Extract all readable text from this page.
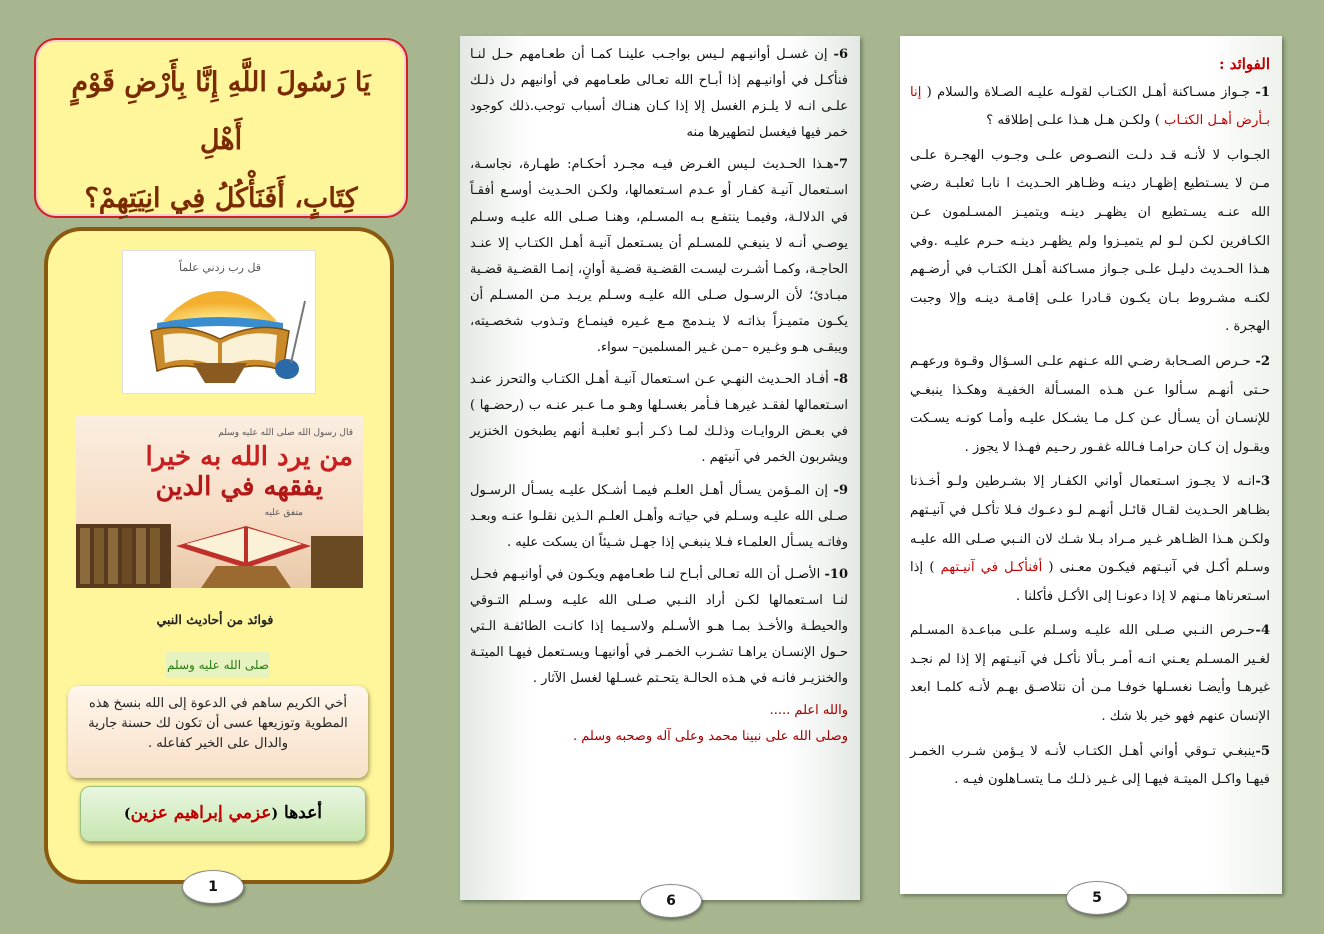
يَا رَسُولَ اللَّهِ إِنَّا بِأَرْضِ قَوْمٍ أَهْلِ
كِتَابٍ، أَفَنَأْكُلُ فِي انِيَتِهِمْ؟
قل رب زدني علماً
قال رسول الله صلى الله عليه وسلم
من يرد الله به خيرا
يفقهه في الدين
متفق عليه
فوائد من أحاديث النبي
صلى الله عليه وسلم
أخي الكريم ساهم في الدعوة إلى الله بنسخ هذه المطوية وتوزيعها عسى أن تكون لك حسنة جارية والدال على الخير كفاعله .
أعدها (عزمي إبراهيم عزين)
1

6- إن غسـل أوانيـهم لـيس بواجـب علينـا كمـا أن طعـامهم حـل لنـا فنأكـل في أوانيـهم إذا أبـاح الله تعـالى طعـامهم في أوانيهم دل ذلـك علـى انـه لا يلـزم الغسل إلا إذا كـان هنـاك أسباب توجب.ذلك كوجود خمر فيها فيغسل لتطهيرها منه

7-هـذا الحـديث لـيس الغـرض فيـه مجـرد أحكـام: طهـارة، نجاسـة، اسـتعمال آنيـة كفـار أو عـدم اسـتعمالها، ولكـن الحـديث أوسـع أفقـاً في الدلالـة، وفيمـا ينتفـع بـه المسـلم، وهنـا صـلى الله عليـه وسـلم يوصـي أنـه لا ينبغـي للمسـلم أن يسـتعمل آنيـة أهـل الكتـاب إلا عنـد الحاجـة، وكمـا أشـرت ليسـت القضـية قضـية أوانٍ، إنمـا القضـية قضـية مبـادئ؛ لأن الرسـول صـلى الله عليـه وسـلم يريـد مـن المسـلم أن يكـون متميـزاً بذاتـه لا ينـدمج مـع غـيره فينمـاع وتـذوب شخصـيته، ويبقـى هـو وغـيره –مـن غـير المسلمين– سواء.

8- أفـاد الحـديث النهـي عـن اسـتعمال آنيـة أهـل الكتـاب والتحرز عنـد اسـتعمالها لفقـد غيرهـا فـأمر بغسـلها وهـو مـا عـبر عنـه ب (رحضـها ) في بعـض الروايـات وذلـك لمـا ذكـر أبـو ثعلبـة أنهم يطبخون الخنزير ويشربون الخمر في آنيتهم .

9- إن المـؤمن يسـأل أهـل العلـم فيمـا أشـكل عليـه يسـأل الرسـول صـلى الله عليـه وسـلم في حياتـه وأهـل العلـم الـذين نقلـوا عنـه وبعـد وفاتـه يسـأل العلمـاء فـلا ينبغـي إذا جهـل شـيئاً ان يسكت عليه .

10- الأصـل أن الله تعـالى أبـاح لنـا طعـامهم ويكـون في أوانيـهم فحـل لنـا اسـتعمالها لكـن أراد النـبي صـلى الله عليـه وسـلم التـوقي والحيطـة والأخـذ بمـا هـو الأسـلم ولاسـيما إذا كانـت الطائفـة الـتي حـول الإنسـان يراهـا تشـرب الخمـر في أوانيهـا ويسـتعمل فيهـا الميتـة والخنزيـر فانـه في هـذه الحالـة يتحـتم غسـلها لغسل الآثار .

والله اعلم .....

وصلى الله على نبينا محمد وعلى آله وصحبه وسلم .

6
الفوائد :

1- جـواز مسـاكنة أهـل الكتـاب لقولـه عليـه الصـلاة والسلام ( إنا بـأرض أهـل الكتـاب ) ولكـن هـل هـذا علـى إطلاقه ؟

الجـواب لا لأنـه قـد دلـت النصـوص علـى وجـوب الهجـرة علـى مـن لا يسـتطيع إظهـار دينـه وظـاهر الحـديث ا نابـا ثعلبـة رضي الله عنـه يسـتطيع ان يظهـر دينـه ويتميـز المسـلمون عـن الكـافرين لكـن لـو لم يتميـزوا ولم يظهـر دينـه حـرم عليـه .وفي هـذا الحـديث دليـل علـى جـواز مسـاكنة أهـل الكتـاب في أرضـهم لكنـه مشـروط بـان يكـون قـادرا علـى إقامـة دينـه وإلا وجبت الهجرة .

2- حـرص الصـحابة رضـي الله عـنهم علـى السـؤال وقـوة ورعهـم حـتى أنهـم سـألوا عـن هـذه المسـألة الخفيـة وهكـذا ينبغـي للإنسـان أن يسـأل عـن كـل مـا يشـكل عليـه وأمـا كونـه يسـكت ويقـول إن كـان حرامـا فـالله غفـور رحـيم فهـذا لا يجوز .

3-انـه لا يجـوز اسـتعمال أواني الكفـار إلا بشـرطين ولـو أخـذنا بظـاهر الحـديث لقـال قائـل أنهـم لـو دعـوك فـلا تأكـل في آنيـتهم ولكـن هـذا الظـاهر غـير مـراد بـلا شـك لان النـبي صـلى الله عليـه وسـلم أكـل في آنيـتهم فيكـون معـنى ( أفنأكـل في آنيـتهم ) إذا اسـتعرناها مـنهم لا إذا دعونـا إلى الأكـل فأكلنا .

4-حـرص النـبي صـلى الله عليـه وسـلم علـى مباعـدة المسـلم لغـير المسـلم يعـني انـه أمـر بـألا نأكـل في آنيـتهم إلا إذا لم نجـد غيرهـا وأيضـا نغسـلها خوفـا مـن أن نتلاصـق بهـم لأنـه كلمـا ابعد الإنسان عنهم فهو خير بلا شك .

5-ينبغـي تـوقي أواني أهـل الكتـاب لأنـه لا يـؤمن شـرب الخمـر فيهـا واكـل الميتـة فيهـا إلى غـير ذلـك مـا يتسـاهلون فيـه .

5
